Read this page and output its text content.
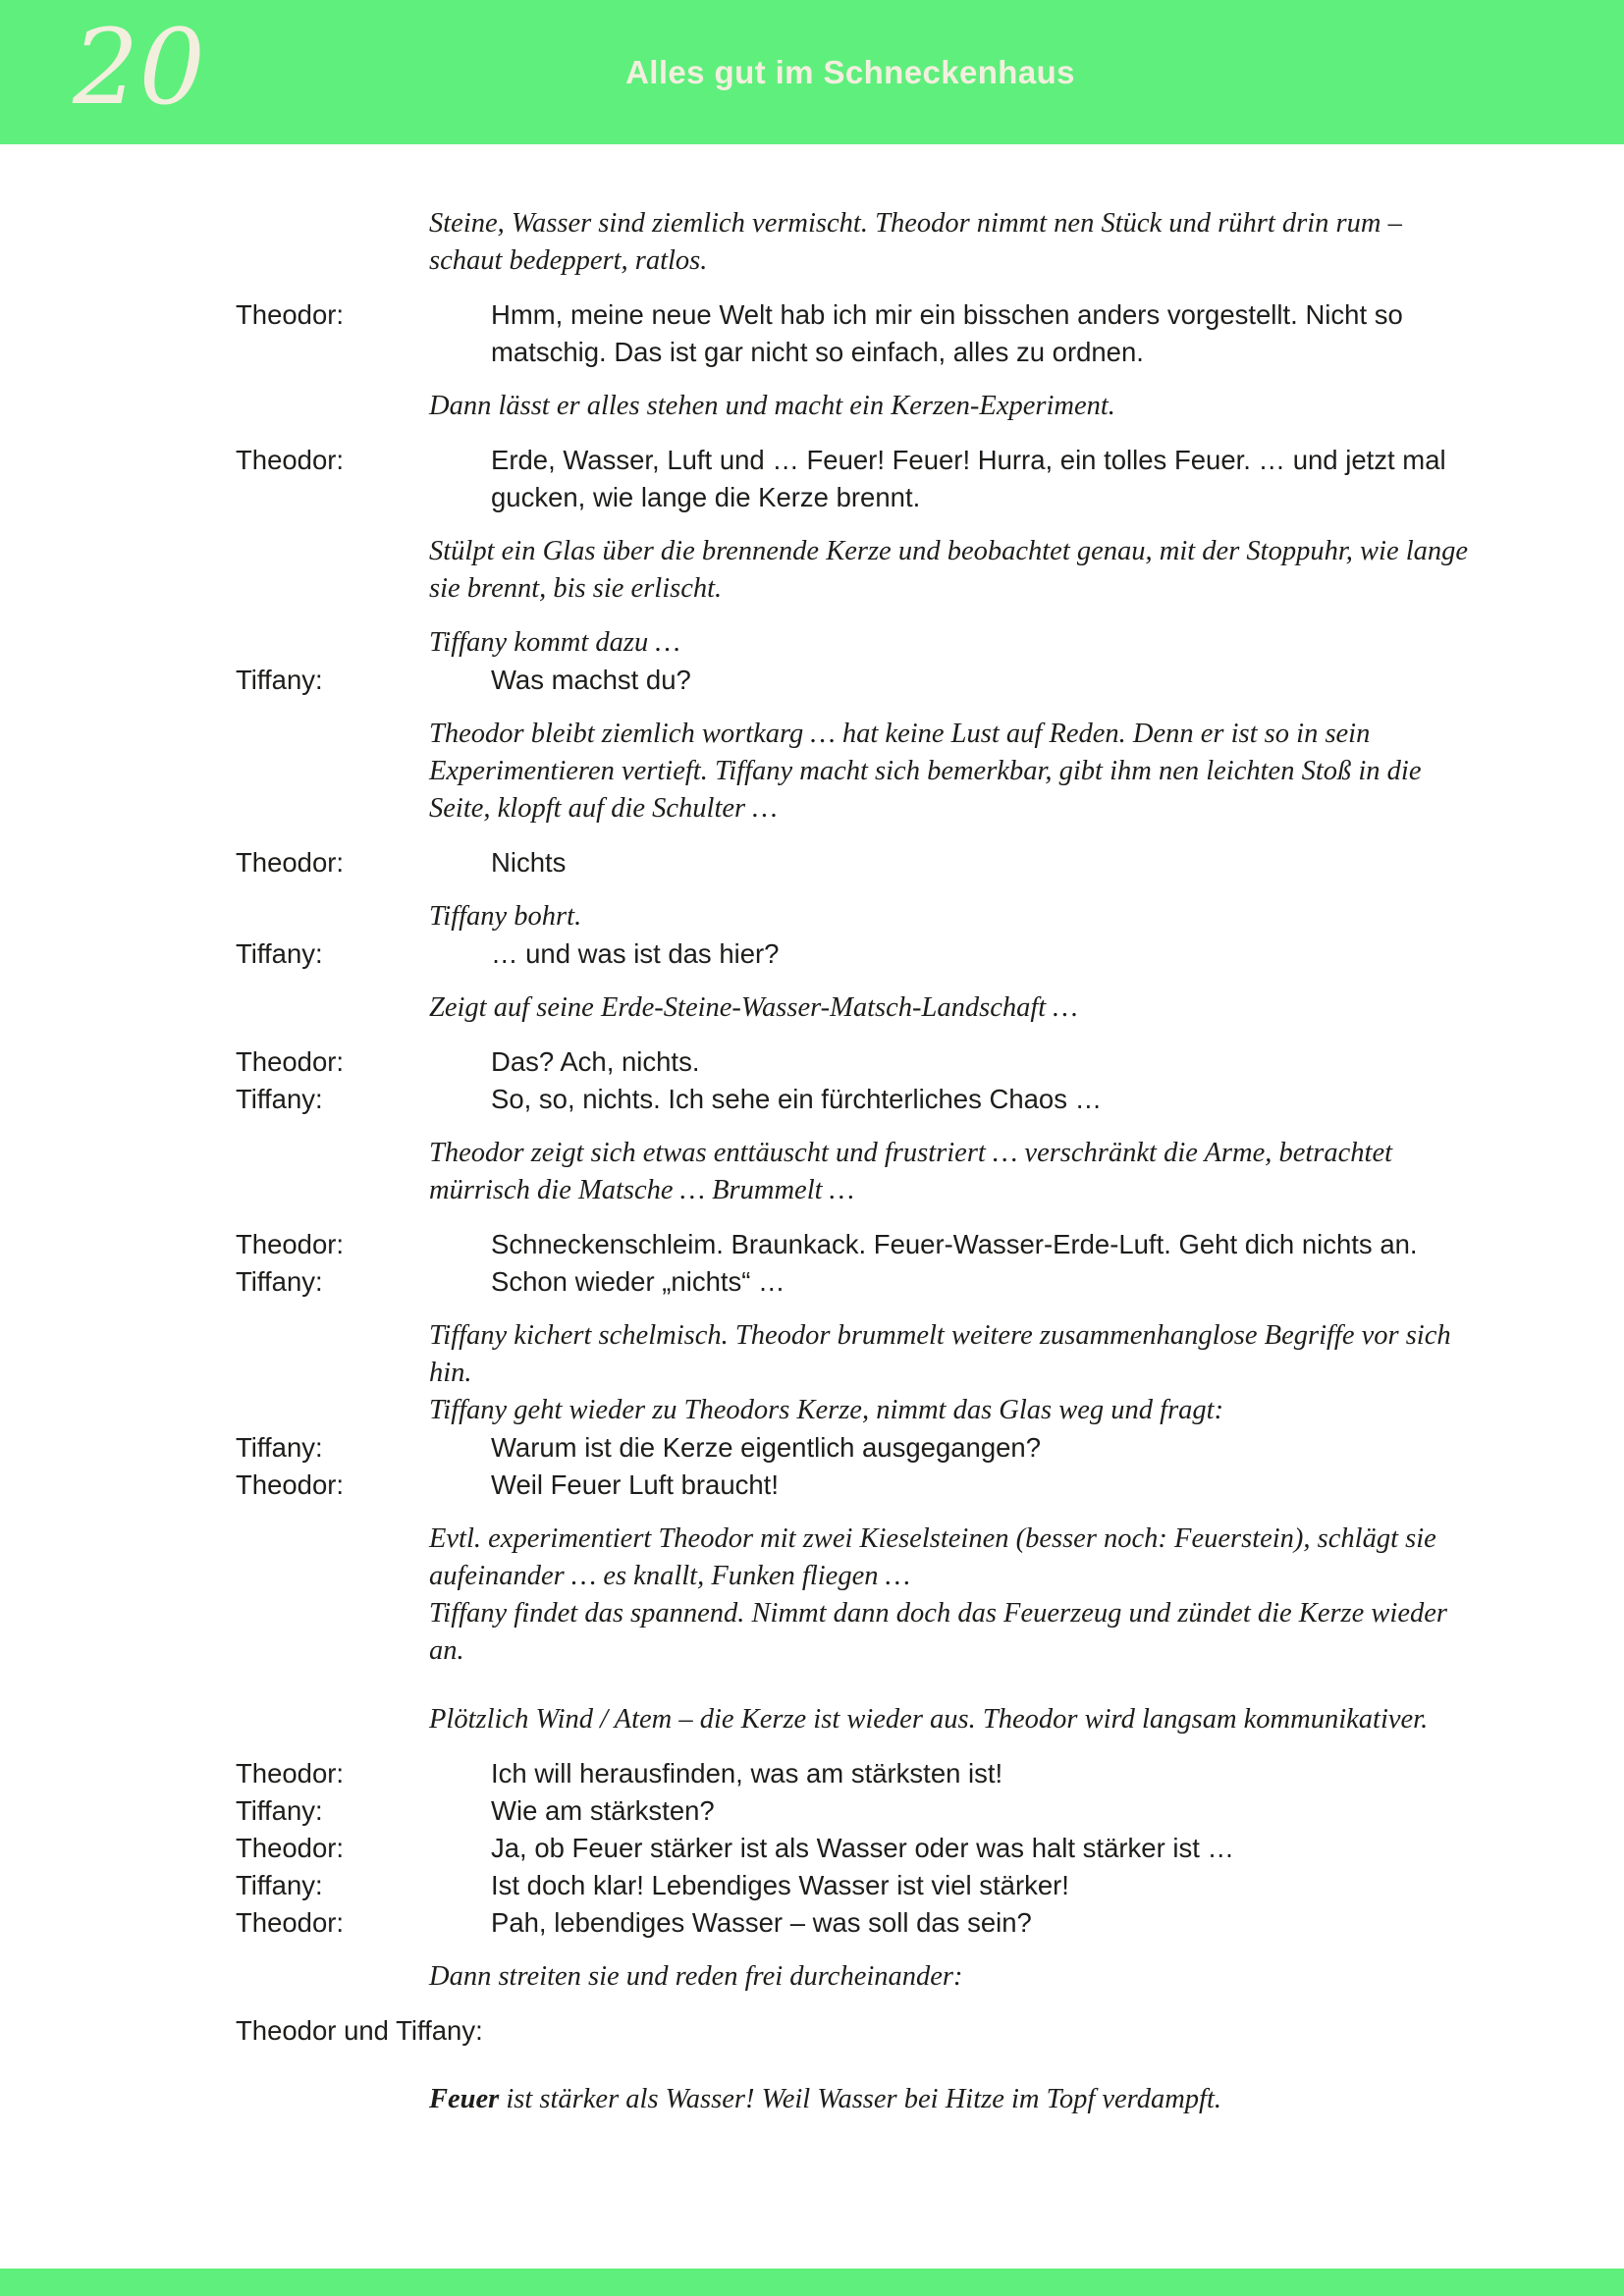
20	Alles gut im Schneckenhaus
Steine, Wasser sind ziemlich vermischt. Theodor nimmt nen Stück und rührt drin rum – schaut bedeppert, ratlos.
Theodor:	Hmm, meine neue Welt hab ich mir ein bisschen anders vorgestellt. Nicht so matschig. Das ist gar nicht so einfach, alles zu ordnen.
Dann lässt er alles stehen und macht ein Kerzen-Experiment.
Theodor:	Erde, Wasser, Luft und … Feuer! Feuer! Hurra, ein tolles Feuer. … und jetzt mal gucken, wie lange die Kerze brennt.
Stülpt ein Glas über die brennende Kerze und beobachtet genau, mit der Stoppuhr, wie lange sie brennt, bis sie erlischt.
Tiffany kommt dazu …
Tiffany:	Was machst du?
Theodor bleibt ziemlich wortkarg … hat keine Lust auf Reden. Denn er ist so in sein Experimentieren vertieft. Tiffany macht sich bemerkbar, gibt ihm nen leichten Stoß in die Seite, klopft auf die Schulter …
Theodor:	Nichts
Tiffany bohrt.
Tiffany:	… und was ist das hier?
Zeigt auf seine Erde-Steine-Wasser-Matsch-Landschaft …
Theodor:	Das? Ach, nichts.
Tiffany:	So, so, nichts. Ich sehe ein fürchterliches Chaos …
Theodor zeigt sich etwas enttäuscht und frustriert … verschränkt die Arme, betrachtet mürrisch die Matsche … Brummelt …
Theodor:	Schneckenschleim. Braunkack. Feuer-Wasser-Erde-Luft. Geht dich nichts an.
Tiffany:	Schon wieder „nichts“ …
Tiffany kichert schelmisch. Theodor brummelt weitere zusammenhanglose Begriffe vor sich hin.
Tiffany geht wieder zu Theodors Kerze, nimmt das Glas weg und fragt:
Tiffany:	Warum ist die Kerze eigentlich ausgegangen?
Theodor:	Weil Feuer Luft braucht!
Evtl. experimentiert Theodor mit zwei Kieselsteinen (besser noch: Feuerstein), schlägt sie aufeinander … es knallt, Funken fliegen …
Tiffany findet das spannend. Nimmt dann doch das Feuerzeug und zündet die Kerze wieder an.
Plötzlich Wind / Atem – die Kerze ist wieder aus. Theodor wird langsam kommunikativer.
Theodor:	Ich will herausfinden, was am stärksten ist!
Tiffany:	Wie am stärksten?
Theodor:	Ja, ob Feuer stärker ist als Wasser oder was halt stärker ist …
Tiffany:	Ist doch klar! Lebendiges Wasser ist viel stärker!
Theodor:	Pah, lebendiges Wasser – was soll das sein?
Dann streiten sie und reden frei durcheinander:
Theodor und Tiffany:
Feuer ist stärker als Wasser! Weil Wasser bei Hitze im Topf verdampft.
